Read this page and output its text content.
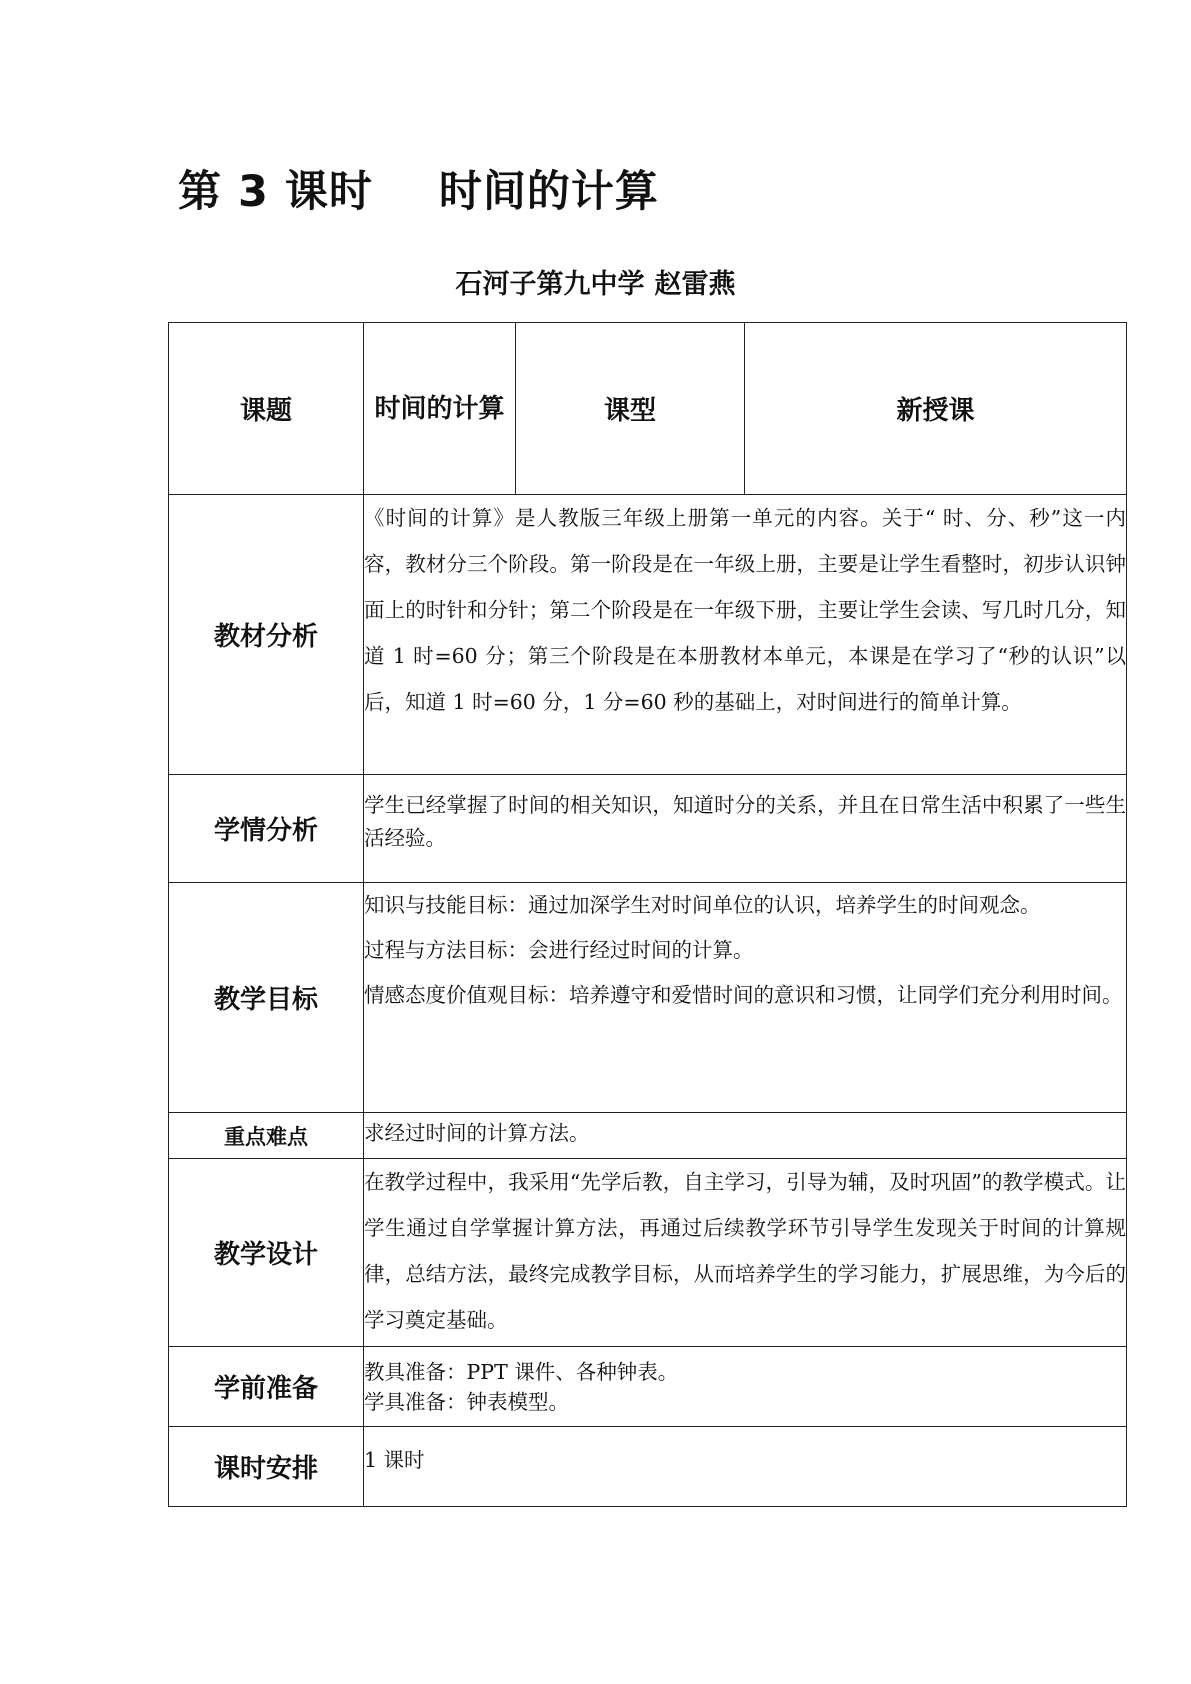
第 3 课时 时间的计算
石河子第九中学 赵雷燕
课题	时间的计算	课型	新授课
教材分析	《时间的计算》是人教版三年级上册第一单元的内容。关于“ 时、分、秒”这一内容，教材分三个阶段。第一阶段是在一年级上册，主要是让学生看整时，初步认识钟面上的时针和分针；第二个阶段是在一年级下册，主要让学生会读、写几时几分，知道 1 时=60 分；第三个阶段是在本册教材本单元，本课是在学习了“秒的认识”以后，知道 1 时=60 分，1 分=60 秒的基础上，对时间进行的简单计算。		

学情分析	学生已经掌握了时间的相关知识，知道时分的关系，并且在日常生活中积累了一些生活经验。		

教学目标	知识与技能目标：通过加深学生对时间单位的认识，培养学生的时间观念。

过程与方法目标：会进行经过时间的计算。

情感态度价值观目标：培养遵守和爱惜时间的意识和习惯，让同学们充分利用时间。		

重点难点	求经过时间的计算方法。		

教学设计	在教学过程中，我采用“先学后教，自主学习，引导为辅，及时巩固”的教学模式。让学生通过自学掌握计算方法，再通过后续教学环节引导学生发现关于时间的计算规律，总结方法，最终完成教学目标，从而培养学生的学习能力，扩展思维，为今后的学习奠定基础。		

学前准备	教具准备：PPT 课件、各种钟表。

学具准备：钟表模型。		

课时安排	1 课时		
